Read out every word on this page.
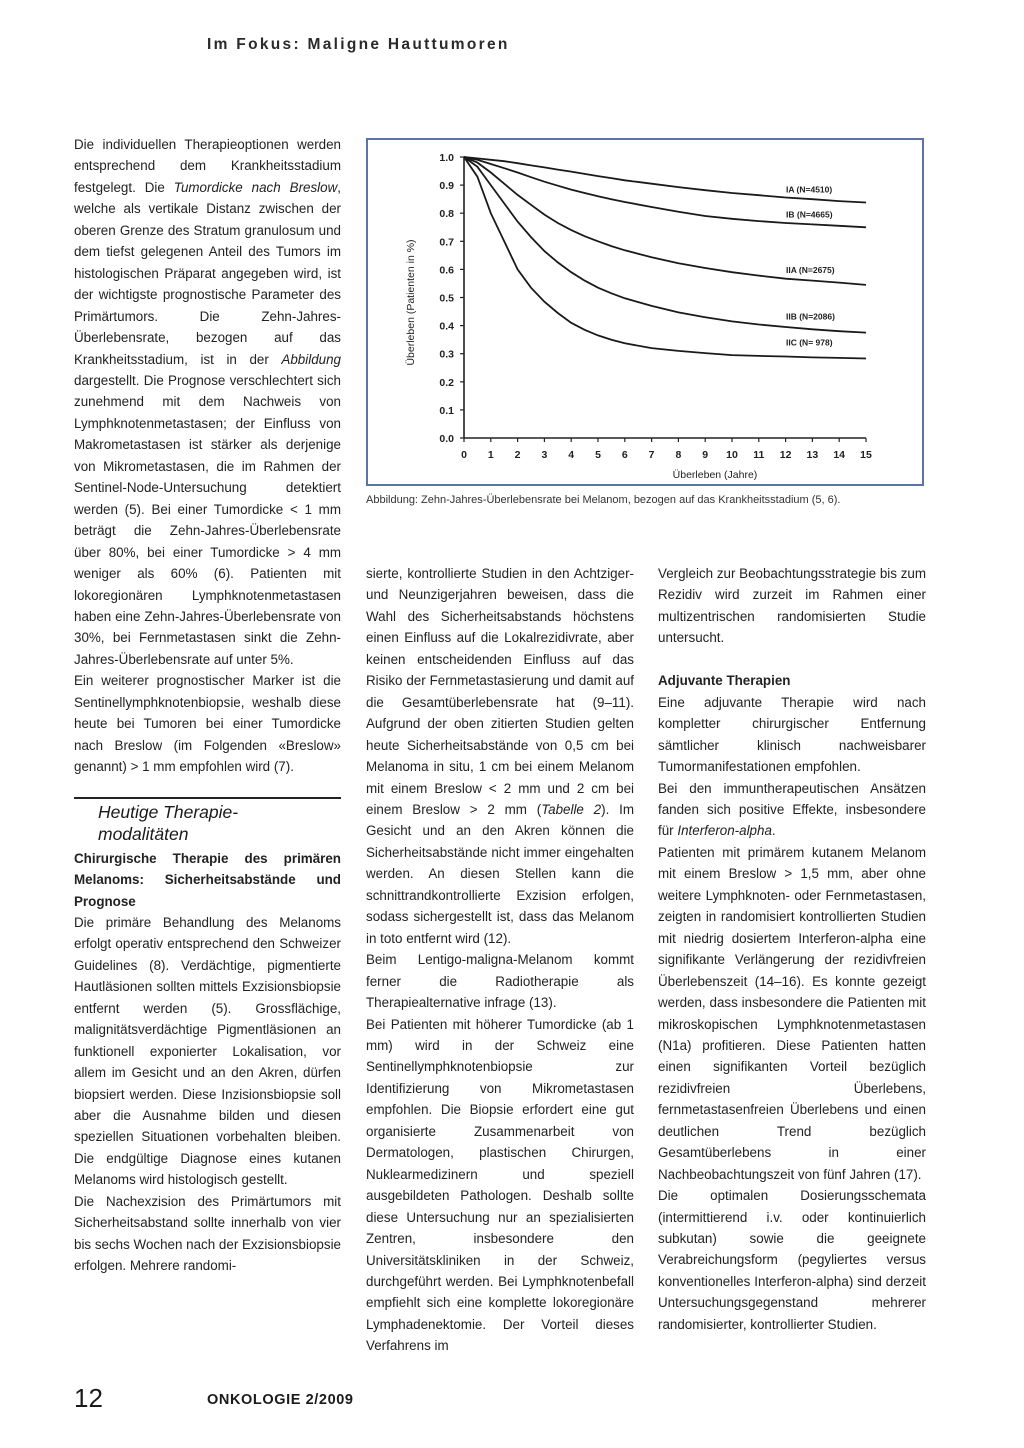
Im Fokus: Maligne Hauttumoren

Die individuellen Therapieoptionen werden entsprechend dem Krankheitsstadium festgelegt. Die Tumordicke nach Breslow, welche als vertikale Distanz zwischen der oberen Grenze des Stratum granulosum und dem tiefst gelegenen Anteil des Tumors im histologischen Präparat angegeben wird, ist der wichtigste prognostische Parameter des Primärtumors. Die Zehn-Jahres-Überlebensrate, bezogen auf das Krankheitsstadium, ist in der Abbildung dargestellt. Die Prognose verschlechtert sich zunehmend mit dem Nachweis von Lymphknotenmetastasen; der Einfluss von Makrometastasen ist stärker als derjenige von Mikrometastasen, die im Rahmen der Sentinel-Node-Untersuchung detektiert werden (5). Bei einer Tumordicke < 1 mm beträgt die Zehn-Jahres-Überlebensrate über 80%, bei einer Tumordicke > 4 mm weniger als 60% (6). Patienten mit lokoregionären Lymphknotenmetastasen haben eine Zehn-Jahres-Überlebensrate von 30%, bei Fernmetastasen sinkt die Zehn-Jahres-Überlebensrate auf unter 5%.

Ein weiterer prognostischer Marker ist die Sentinellymphknotenbiopsie, weshalb diese heute bei Tumoren bei einer Tumordicke nach Breslow (im Folgenden «Breslow» genannt) > 1 mm empfohlen wird (7).

Heutige Therapie-
modalitäten

Chirurgische Therapie des primären Melanoms: Sicherheitsabstände und Prognose

Die primäre Behandlung des Melanoms erfolgt operativ entsprechend den Schweizer Guidelines (8). Verdächtige, pigmentierte Hautläsionen sollten mittels Exzisionsbiopsie entfernt werden (5). Grossflächige, malignitätsverdächtige Pigmentläsionen an funktionell exponierter Lokalisation, vor allem im Gesicht und an den Akren, dürfen biopsiert werden. Diese Inzisionsbiopsie soll aber die Ausnahme bilden und diesen speziellen Situationen vorbehalten bleiben. Die endgültige Diagnose eines kutanen Melanoms wird histologisch gestellt.

Die Nachexzision des Primärtumors mit Sicherheitsabstand sollte innerhalb von vier bis sechs Wochen nach der Exzisionsbiopsie erfolgen. Mehrere randomi-

0.0
0.1
0.2
0.3
0.4
0.5
0.6
0.7
0.8
0.9
1.0
0 1 2 3 4 5 6 7 8 9 10 11 12 13 14 15
Überleben (Jahre)
Überleben (Patienten in %)
IA (N=4510)
IB (N=4665)
IIA (N=2675)
IIB (N=2086)
IIC (N= 978)
Abbildung: Zehn-Jahres-Überlebensrate bei Melanom, bezogen auf das Krankheitsstadium (5, 6).

sierte, kontrollierte Studien in den Achtziger- und Neunzigerjahren beweisen, dass die Wahl des Sicherheitsabstands höchstens einen Einfluss auf die Lokalrezidivrate, aber keinen entscheidenden Einfluss auf das Risiko der Fernmetastasierung und damit auf die Gesamtüberlebensrate hat (9–11). Aufgrund der oben zitierten Studien gelten heute Sicherheitsabstände von 0,5 cm bei Melanoma in situ, 1 cm bei einem Melanom mit einem Breslow < 2 mm und 2 cm bei einem Breslow > 2 mm (Tabelle 2). Im Gesicht und an den Akren können die Sicherheitsabstände nicht immer eingehalten werden. An diesen Stellen kann die schnittrandkontrollierte Exzision erfolgen, sodass sichergestellt ist, dass das Melanom in toto entfernt wird (12).

Beim Lentigo-maligna-Melanom kommt ferner die Radiotherapie als Therapiealternative infrage (13).

Bei Patienten mit höherer Tumordicke (ab 1 mm) wird in der Schweiz eine Sentinellymphknotenbiopsie zur Identifizierung von Mikrometastasen empfohlen. Die Biopsie erfordert eine gut organisierte Zusammenarbeit von Dermatologen, plastischen Chirurgen, Nuklearmedizinern und speziell ausgebildeten Pathologen. Deshalb sollte diese Untersuchung nur an spezialisierten Zentren, insbesondere den Universitätskliniken in der Schweiz, durchgeführt werden. Bei Lymphknotenbefall empfiehlt sich eine komplette lokoregionäre Lymphadenektomie. Der Vorteil dieses Verfahrens im

Vergleich zur Beobachtungsstrategie bis zum Rezidiv wird zurzeit im Rahmen einer multizentrischen randomisierten Studie untersucht.

Adjuvante Therapien

Eine adjuvante Therapie wird nach kompletter chirurgischer Entfernung sämtlicher klinisch nachweisbarer Tumormanifestationen empfohlen.

Bei den immuntherapeutischen Ansätzen fanden sich positive Effekte, insbesondere für Interferon-alpha.

Patienten mit primärem kutanem Melanom mit einem Breslow > 1,5 mm, aber ohne weitere Lymphknoten- oder Fernmetastasen, zeigten in randomisiert kontrollierten Studien mit niedrig dosiertem Interferon-alpha eine signifikante Verlängerung der rezidivfreien Überlebenszeit (14–16). Es konnte gezeigt werden, dass insbesondere die Patienten mit mikroskopischen Lymphknotenmetastasen (N1a) profitieren. Diese Patienten hatten einen signifikanten Vorteil bezüglich rezidivfreien Überlebens, fernmetastasenfreien Überlebens und einen deutlichen Trend bezüglich Gesamtüberlebens in einer Nachbeobachtungszeit von fünf Jahren (17).

Die optimalen Dosierungsschemata (intermittierend i.v. oder kontinuierlich subkutan) sowie die geeignete Verabreichungsform (pegyliertes versus konventionelles Interferon-alpha) sind derzeit Untersuchungsgegenstand mehrerer randomisierter, kontrollierter Studien.

12	ONKOLOGIE 2/2009
